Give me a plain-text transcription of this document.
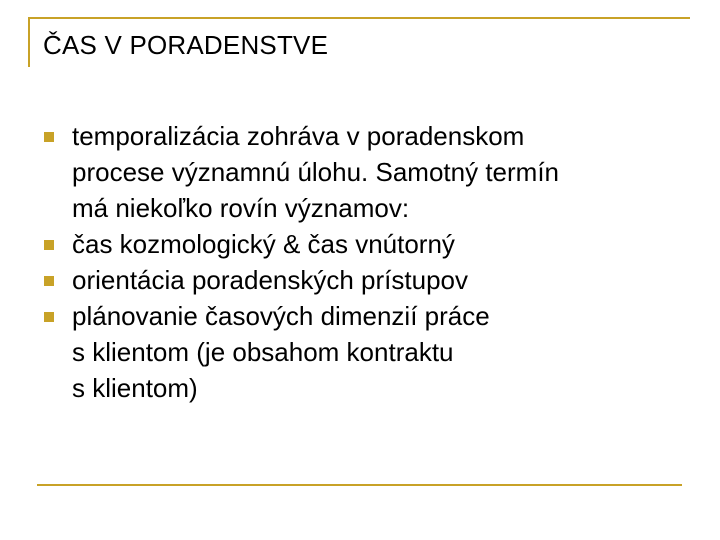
ČAS V PORADENSTVE
temporalizácia zohráva v poradenskom
procese významnú úlohu. Samotný termín
má niekoľko rovín významov:
čas kozmologický & čas vnútorný
orientácia poradenských prístupov
plánovanie časových dimenzií práce
s klientom (je obsahom kontraktu
s klientom)
